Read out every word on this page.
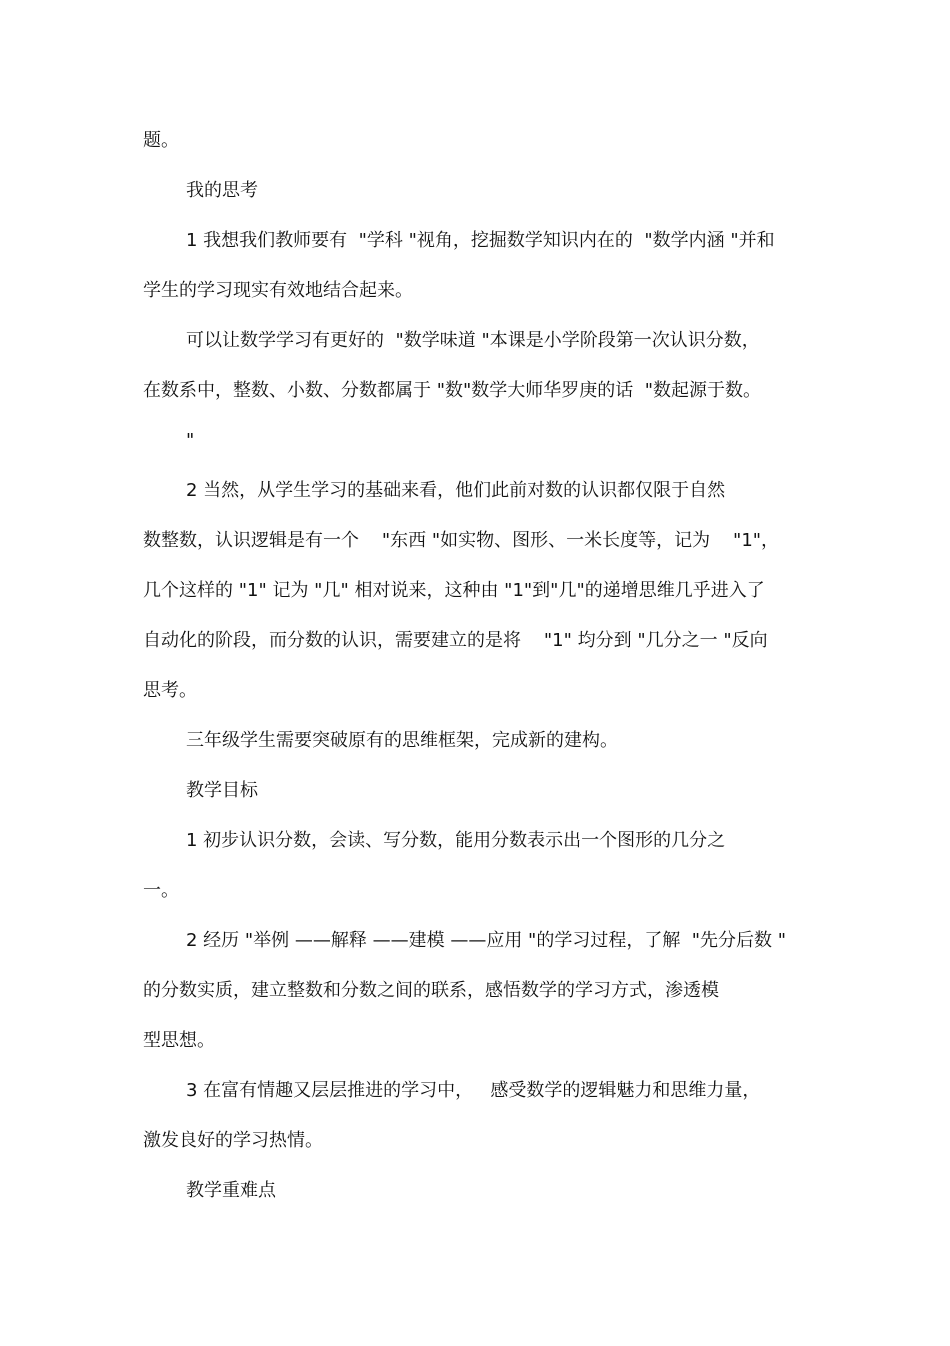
题。
我的思考
1 我想我们教师要有  "学科 "视角，挖掘数学知识内在的  "数学内涵 "并和
学生的学习现实有效地结合起来。
可以让数学学习有更好的  "数学味道 "本课是小学阶段第一次认识分数，
在数系中，整数、小数、分数都属于 "数"数学大师华罗庚的话  "数起源于数。
"
2 当然，从学生学习的基础来看，他们此前对数的认识都仅限于自然
数整数，认识逻辑是有一个    "东西 "如实物、图形、一米长度等，记为    "1"，
几个这样的 "1" 记为 "几" 相对说来，这种由 "1"到"几"的递增思维几乎进入了
自动化的阶段，而分数的认识，需要建立的是将    "1" 均分到 "几分之一 "反向
思考。
三年级学生需要突破原有的思维框架，完成新的建构。
教学目标
1 初步认识分数，会读、写分数，能用分数表示出一个图形的几分之
一。
2 经历 "举例 ——解释 ——建模 ——应用 "的学习过程，了解  "先分后数 "
的分数实质，建立整数和分数之间的联系，感悟数学的学习方式，渗透模
型思想。
3 在富有情趣又层层推进的学习中，   感受数学的逻辑魅力和思维力量，
激发良好的学习热情。
教学重难点
